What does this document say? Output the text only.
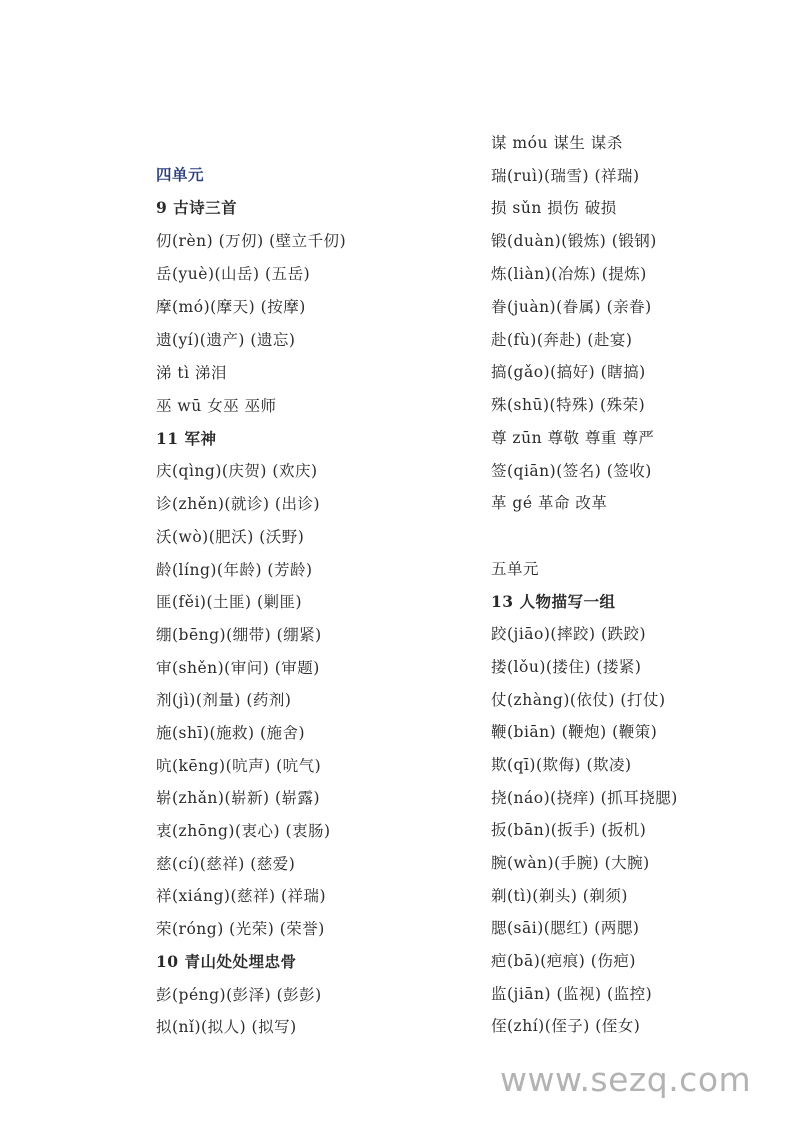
四单元
9 古诗三首
仞(rèn) (万仞) (壁立千仞)
岳(yuè)(山岳) (五岳)
摩(mó)(摩天) (按摩)
遗(yí)(遗产) (遗忘)
涕 tì 涕泪
巫 wū 女巫 巫师
11 军神
庆(qìng)(庆贺) (欢庆)
诊(zhěn)(就诊) (出诊)
沃(wò)(肥沃) (沃野)
龄(líng)(年龄) (芳龄)
匪(fěi)(土匪) (剿匪)
绷(bēng)(绷带) (绷紧)
审(shěn)(审问) (审题)
剂(jì)(剂量) (药剂)
施(shī)(施救) (施舍)
吭(kēng)(吭声) (吭气)
崭(zhǎn)(崭新) (崭露)
衷(zhōng)(衷心) (衷肠)
慈(cí)(慈祥) (慈爱)
祥(xiáng)(慈祥) (祥瑞)
荣(róng) (光荣) (荣誉)
10 青山处处埋忠骨
彭(péng)(彭泽) (彭彭)
拟(nǐ)(拟人) (拟写)
谋 móu 谋生 谋杀
瑞(ruì)(瑞雪) (祥瑞)
损 sǔn 损伤 破损
锻(duàn)(锻炼) (锻钢)
炼(liàn)(冶炼) (提炼)
眷(juàn)(眷属) (亲眷)
赴(fù)(奔赴) (赴宴)
搞(gǎo)(搞好) (瞎搞)
殊(shū)(特殊) (殊荣)
尊 zūn 尊敬 尊重 尊严
签(qiān)(签名) (签收)
革 gé 革命 改革
五单元
13 人物描写一组
跤(jiāo)(摔跤) (跌跤)
搂(lǒu)(搂住) (搂紧)
仗(zhàng)(依仗) (打仗)
鞭(biān) (鞭炮) (鞭策)
欺(qī)(欺侮) (欺凌)
挠(náo)(挠痒) (抓耳挠腮)
扳(bān)(扳手) (扳机)
腕(wàn)(手腕) (大腕)
剃(tì)(剃头) (剃须)
腮(sāi)(腮红) (两腮)
疤(bā)(疤痕) (伤疤)
监(jiān) (监视) (监控)
侄(zhí)(侄子) (侄女)
www.sezq.com
